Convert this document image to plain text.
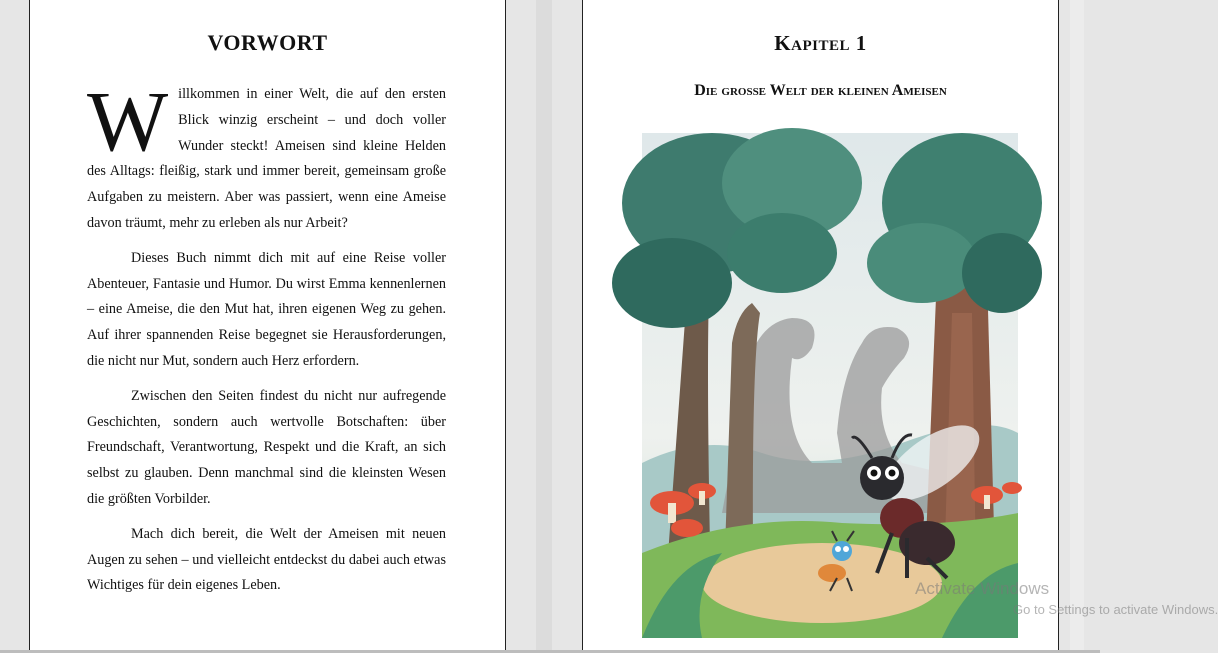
VORWORT

Willkommen in einer Welt, die auf den ersten Blick winzig erscheint – und doch voller Wunder steckt! Ameisen sind kleine Helden des Alltags: fleißig, stark und immer bereit, gemeinsam große Aufgaben zu meistern. Aber was passiert, wenn eine Ameise davon träumt, mehr zu erleben als nur Arbeit?

Dieses Buch nimmt dich mit auf eine Reise voller Abenteuer, Fantasie und Humor. Du wirst Emma kennenlernen – eine Ameise, die den Mut hat, ihren eigenen Weg zu gehen. Auf ihrer spannenden Reise begegnet sie Herausforderungen, die nicht nur Mut, sondern auch Herz erfordern.

Zwischen den Seiten findest du nicht nur aufregende Geschichten, sondern auch wertvolle Botschaften: über Freundschaft, Verantwortung, Respekt und die Kraft, an sich selbst zu glauben. Denn manchmal sind die kleinsten Wesen die größten Vorbilder.

Mach dich bereit, die Welt der Ameisen mit neuen Augen zu sehen – und vielleicht entdeckst du dabei auch etwas Wichtiges für dein eigenes Leben.

Kapitel 1
Die große Welt der kleinen Ameisen
Activate Windows
Go to Settings to activate Windows.
